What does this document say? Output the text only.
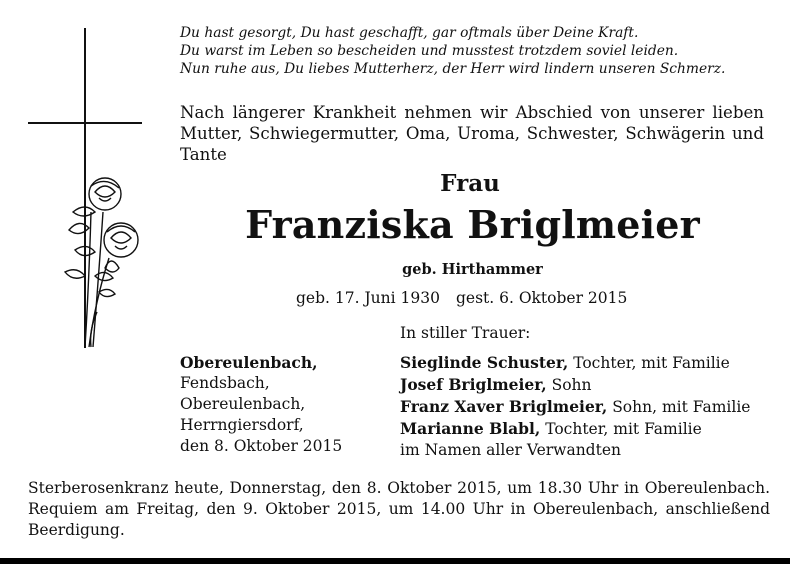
Du hast gesorgt, Du hast geschafft, gar oftmals über Deine Kraft.
Du warst im Leben so bescheiden und musstest trotzdem soviel leiden.
Nun ruhe aus, Du liebes Mutterherz, der Herr wird lindern unseren Schmerz.
Nach längerer Krankheit nehmen wir Abschied von unserer lieben Mutter, Schwiegermutter, Oma, Uroma, Schwester, Schwägerin und Tante
Frau
Franziska Briglmeier
geb. Hirthammer
geb. 17. Juni 1930 gest. 6. Oktober 2015
In stiller Trauer:
Obereulenbach,
Fendsbach,
Obereulenbach,
Herrngiersdorf,
den 8. Oktober 2015
Sieglinde Schuster, Tochter, mit Familie
Josef Briglmeier, Sohn
Franz Xaver Briglmeier, Sohn, mit Familie
Marianne Blabl, Tochter, mit Familie
im Namen aller Verwandten
Sterberosenkranz heute, Donnerstag, den 8. Oktober 2015, um 18.30 Uhr in Obereulenbach. Requiem am Freitag, den 9. Oktober 2015, um 14.00 Uhr in Obereulenbach, anschließend Beerdigung.
